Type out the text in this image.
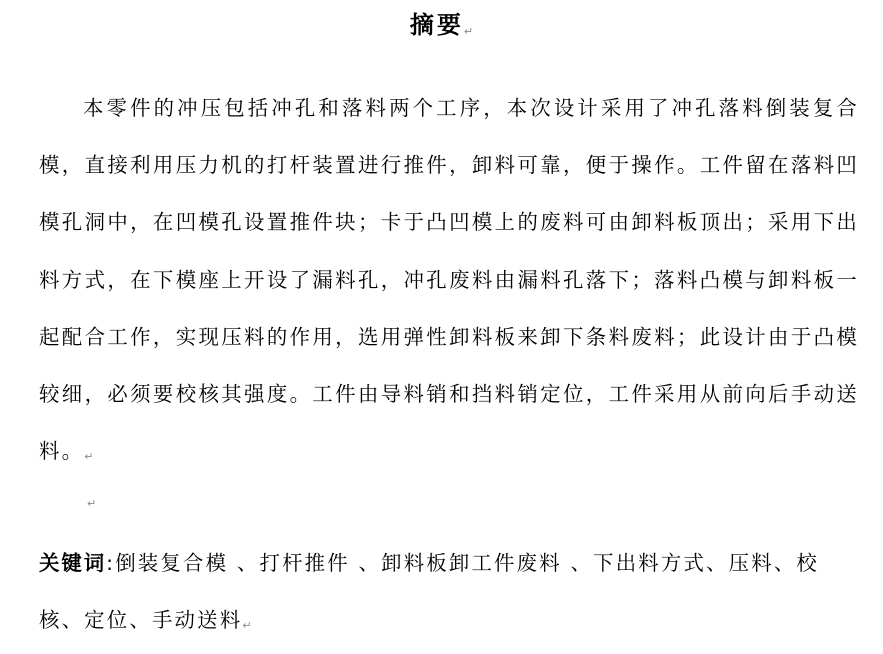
摘要↵

本零件的冲压包括冲孔和落料两个工序，本次设计采用了冲孔落料倒装复合模，直接利用压力机的打杆装置进行推件，卸料可靠，便于操作。工件留在落料凹模孔洞中，在凹模孔设置推件块；卡于凸凹模上的废料可由卸料板顶出；采用下出料方式，在下模座上开设了漏料孔，冲孔废料由漏料孔落下；落料凸模与卸料板一起配合工作，实现压料的作用，选用弹性卸料板来卸下条料废料；此设计由于凸模较细，必须要校核其强度。工件由导料销和挡料销定位，工件采用从前向后手动送料。↵

↵

关键词:倒装复合模 、打杆推件 、卸料板卸工件废料 、下出料方式、压料、校核、定位、手动送料↵
